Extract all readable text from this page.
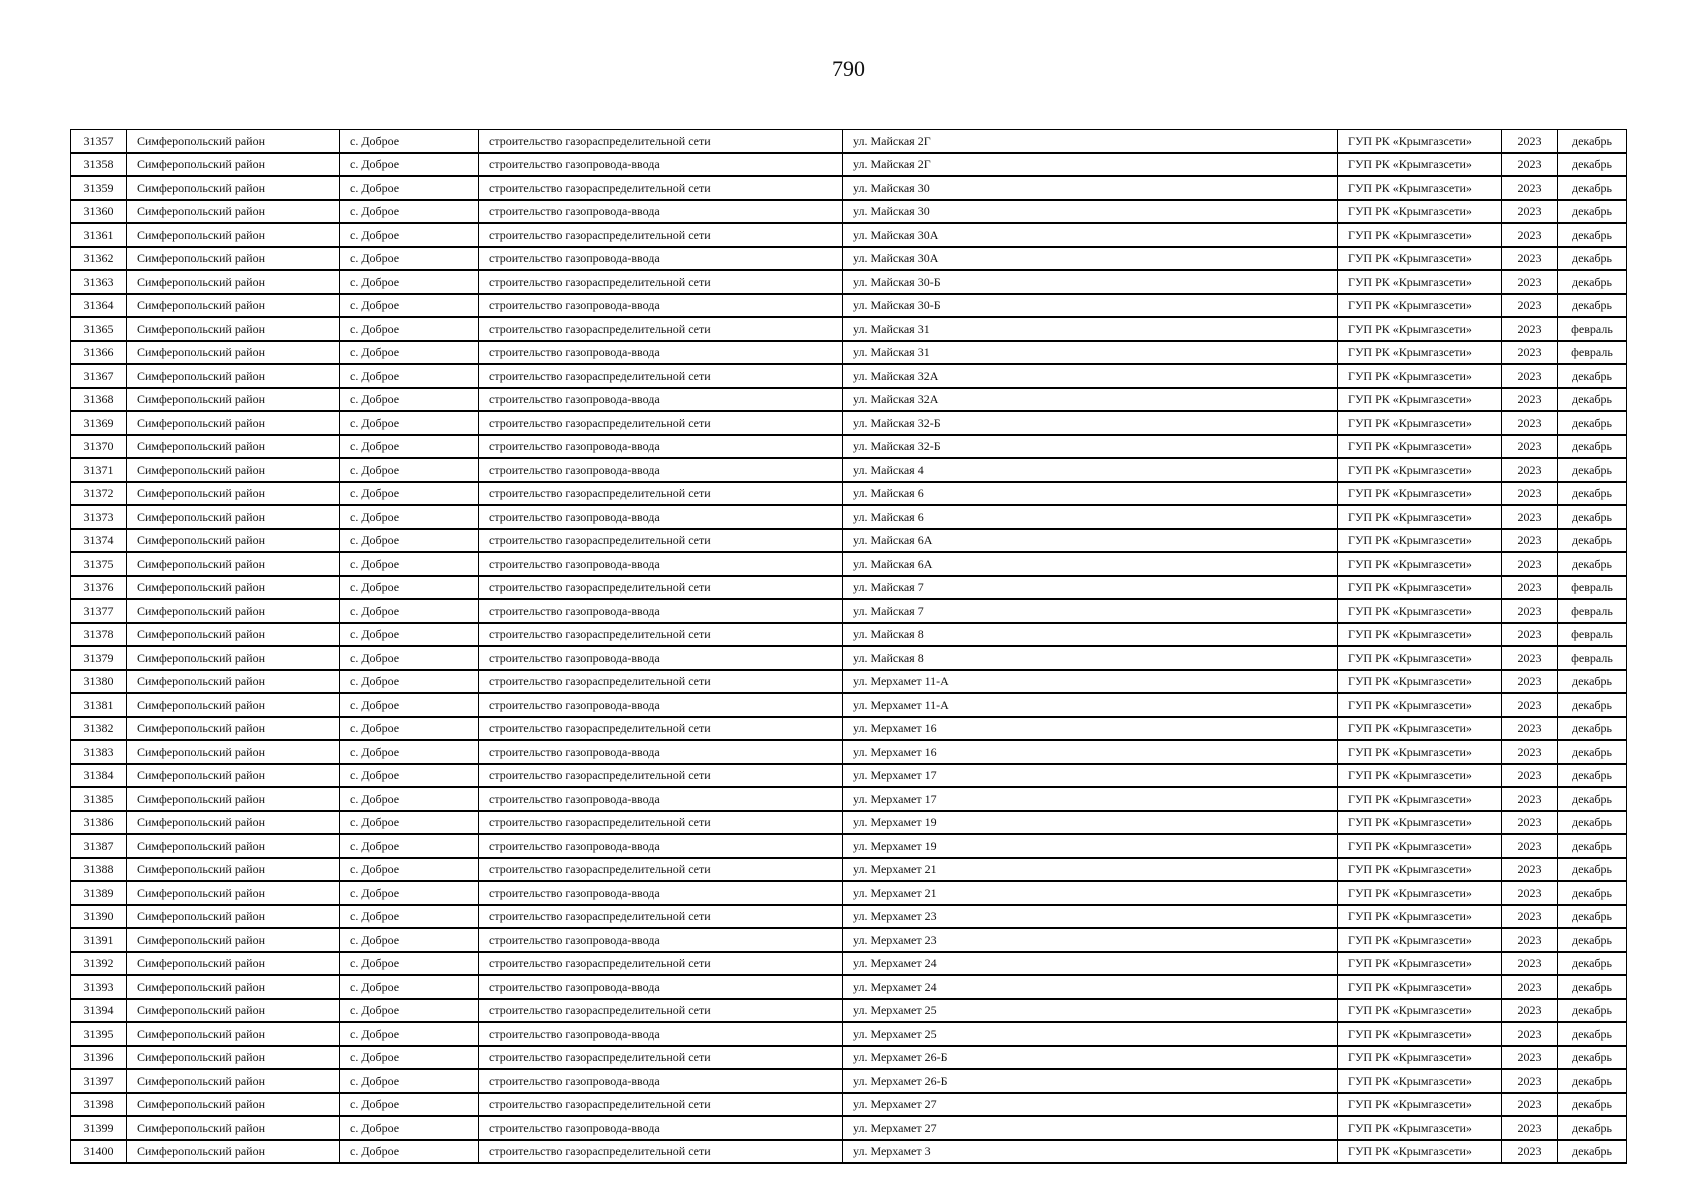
790
31357	Симферопольский район	с. Доброе	строительство газораспределительной сети	ул. Майская 2Г	ГУП РК «Крымгазсети»	2023	декабрь
31358	Симферопольский район	с. Доброе	строительство газопровода-ввода	ул. Майская 2Г	ГУП РК «Крымгазсети»	2023	декабрь
31359	Симферопольский район	с. Доброе	строительство газораспределительной сети	ул. Майская 30	ГУП РК «Крымгазсети»	2023	декабрь
31360	Симферопольский район	с. Доброе	строительство газопровода-ввода	ул. Майская 30	ГУП РК «Крымгазсети»	2023	декабрь
31361	Симферопольский район	с. Доброе	строительство газораспределительной сети	ул. Майская 30А	ГУП РК «Крымгазсети»	2023	декабрь
31362	Симферопольский район	с. Доброе	строительство газопровода-ввода	ул. Майская 30А	ГУП РК «Крымгазсети»	2023	декабрь
31363	Симферопольский район	с. Доброе	строительство газораспределительной сети	ул. Майская 30-Б	ГУП РК «Крымгазсети»	2023	декабрь
31364	Симферопольский район	с. Доброе	строительство газопровода-ввода	ул. Майская 30-Б	ГУП РК «Крымгазсети»	2023	декабрь
31365	Симферопольский район	с. Доброе	строительство газораспределительной сети	ул. Майская 31	ГУП РК «Крымгазсети»	2023	февраль
31366	Симферопольский район	с. Доброе	строительство газопровода-ввода	ул. Майская 31	ГУП РК «Крымгазсети»	2023	февраль
31367	Симферопольский район	с. Доброе	строительство газораспределительной сети	ул. Майская 32А	ГУП РК «Крымгазсети»	2023	декабрь
31368	Симферопольский район	с. Доброе	строительство газопровода-ввода	ул. Майская 32А	ГУП РК «Крымгазсети»	2023	декабрь
31369	Симферопольский район	с. Доброе	строительство газораспределительной сети	ул. Майская 32-Б	ГУП РК «Крымгазсети»	2023	декабрь
31370	Симферопольский район	с. Доброе	строительство газопровода-ввода	ул. Майская 32-Б	ГУП РК «Крымгазсети»	2023	декабрь
31371	Симферопольский район	с. Доброе	строительство газопровода-ввода	ул. Майская 4	ГУП РК «Крымгазсети»	2023	декабрь
31372	Симферопольский район	с. Доброе	строительство газораспределительной сети	ул. Майская 6	ГУП РК «Крымгазсети»	2023	декабрь
31373	Симферопольский район	с. Доброе	строительство газопровода-ввода	ул. Майская 6	ГУП РК «Крымгазсети»	2023	декабрь
31374	Симферопольский район	с. Доброе	строительство газораспределительной сети	ул. Майская 6А	ГУП РК «Крымгазсети»	2023	декабрь
31375	Симферопольский район	с. Доброе	строительство газопровода-ввода	ул. Майская 6А	ГУП РК «Крымгазсети»	2023	декабрь
31376	Симферопольский район	с. Доброе	строительство газораспределительной сети	ул. Майская 7	ГУП РК «Крымгазсети»	2023	февраль
31377	Симферопольский район	с. Доброе	строительство газопровода-ввода	ул. Майская 7	ГУП РК «Крымгазсети»	2023	февраль
31378	Симферопольский район	с. Доброе	строительство газораспределительной сети	ул. Майская 8	ГУП РК «Крымгазсети»	2023	февраль
31379	Симферопольский район	с. Доброе	строительство газопровода-ввода	ул. Майская 8	ГУП РК «Крымгазсети»	2023	февраль
31380	Симферопольский район	с. Доброе	строительство газораспределительной сети	ул. Мерхамет 11-А	ГУП РК «Крымгазсети»	2023	декабрь
31381	Симферопольский район	с. Доброе	строительство газопровода-ввода	ул. Мерхамет 11-А	ГУП РК «Крымгазсети»	2023	декабрь
31382	Симферопольский район	с. Доброе	строительство газораспределительной сети	ул. Мерхамет 16	ГУП РК «Крымгазсети»	2023	декабрь
31383	Симферопольский район	с. Доброе	строительство газопровода-ввода	ул. Мерхамет 16	ГУП РК «Крымгазсети»	2023	декабрь
31384	Симферопольский район	с. Доброе	строительство газораспределительной сети	ул. Мерхамет 17	ГУП РК «Крымгазсети»	2023	декабрь
31385	Симферопольский район	с. Доброе	строительство газопровода-ввода	ул. Мерхамет 17	ГУП РК «Крымгазсети»	2023	декабрь
31386	Симферопольский район	с. Доброе	строительство газораспределительной сети	ул. Мерхамет 19	ГУП РК «Крымгазсети»	2023	декабрь
31387	Симферопольский район	с. Доброе	строительство газопровода-ввода	ул. Мерхамет 19	ГУП РК «Крымгазсети»	2023	декабрь
31388	Симферопольский район	с. Доброе	строительство газораспределительной сети	ул. Мерхамет 21	ГУП РК «Крымгазсети»	2023	декабрь
31389	Симферопольский район	с. Доброе	строительство газопровода-ввода	ул. Мерхамет 21	ГУП РК «Крымгазсети»	2023	декабрь
31390	Симферопольский район	с. Доброе	строительство газораспределительной сети	ул. Мерхамет 23	ГУП РК «Крымгазсети»	2023	декабрь
31391	Симферопольский район	с. Доброе	строительство газопровода-ввода	ул. Мерхамет 23	ГУП РК «Крымгазсети»	2023	декабрь
31392	Симферопольский район	с. Доброе	строительство газораспределительной сети	ул. Мерхамет 24	ГУП РК «Крымгазсети»	2023	декабрь
31393	Симферопольский район	с. Доброе	строительство газопровода-ввода	ул. Мерхамет 24	ГУП РК «Крымгазсети»	2023	декабрь
31394	Симферопольский район	с. Доброе	строительство газораспределительной сети	ул. Мерхамет 25	ГУП РК «Крымгазсети»	2023	декабрь
31395	Симферопольский район	с. Доброе	строительство газопровода-ввода	ул. Мерхамет 25	ГУП РК «Крымгазсети»	2023	декабрь
31396	Симферопольский район	с. Доброе	строительство газораспределительной сети	ул. Мерхамет 26-Б	ГУП РК «Крымгазсети»	2023	декабрь
31397	Симферопольский район	с. Доброе	строительство газопровода-ввода	ул. Мерхамет 26-Б	ГУП РК «Крымгазсети»	2023	декабрь
31398	Симферопольский район	с. Доброе	строительство газораспределительной сети	ул. Мерхамет 27	ГУП РК «Крымгазсети»	2023	декабрь
31399	Симферопольский район	с. Доброе	строительство газопровода-ввода	ул. Мерхамет 27	ГУП РК «Крымгазсети»	2023	декабрь
31400	Симферопольский район	с. Доброе	строительство газораспределительной сети	ул. Мерхамет 3	ГУП РК «Крымгазсети»	2023	декабрь
